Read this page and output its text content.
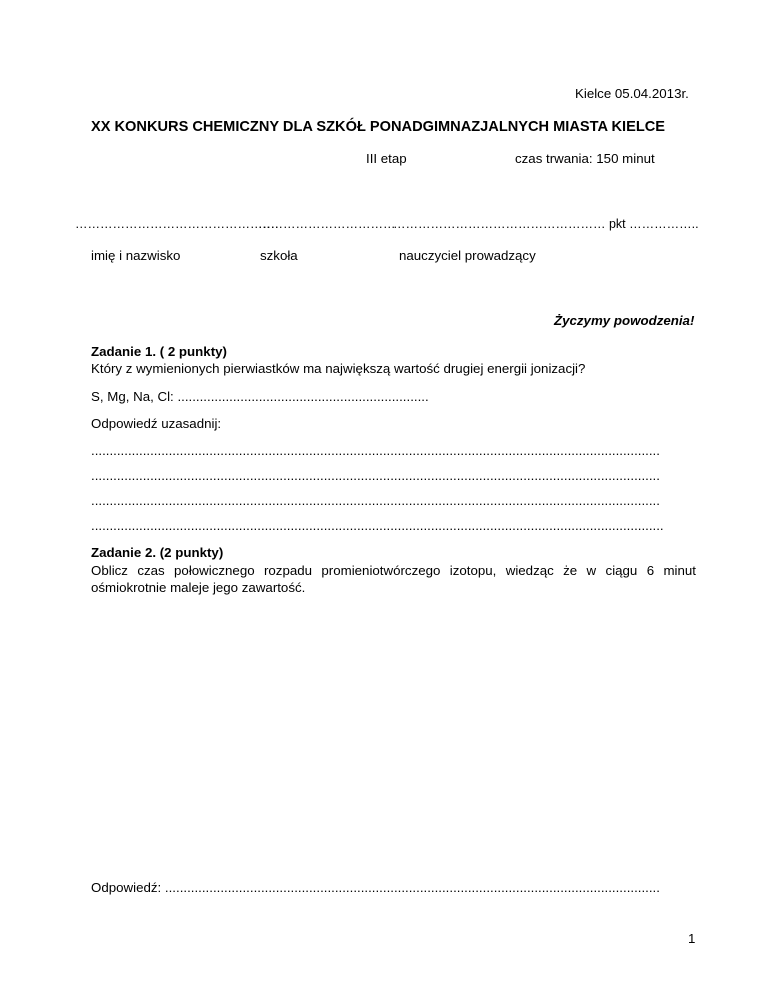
Kielce 05.04.2013r.
XX KONKURS CHEMICZNY DLA SZKÓŁ PONADGIMNAZJALNYCH MIASTA KIELCE
III etap	czas trwania: 150 minut
………………………………………….
……………………………
…………………………………………… pkt ……………..
imię i nazwisko	szkoła	nauczyciel prowadzący
Życzymy powodzenia!
Zadanie 1. ( 2 punkty)
Który z wymienionych pierwiastków ma największą wartość drugiej energii jonizacji?
S, Mg, Na, Cl: ....................................................................
Odpowiedź uzasadnij:
..........................................................................................................................................................
..........................................................................................................................................................
..........................................................................................................................................................
...........................................................................................................................................................
Zadanie 2. (2 punkty)
Oblicz czas połowicznego rozpadu promieniotwórczego izotopu, wiedząc że w ciągu 6 minut ośmiokrotnie maleje jego zawartość.
Odpowiedź: ......................................................................................................................................
1
